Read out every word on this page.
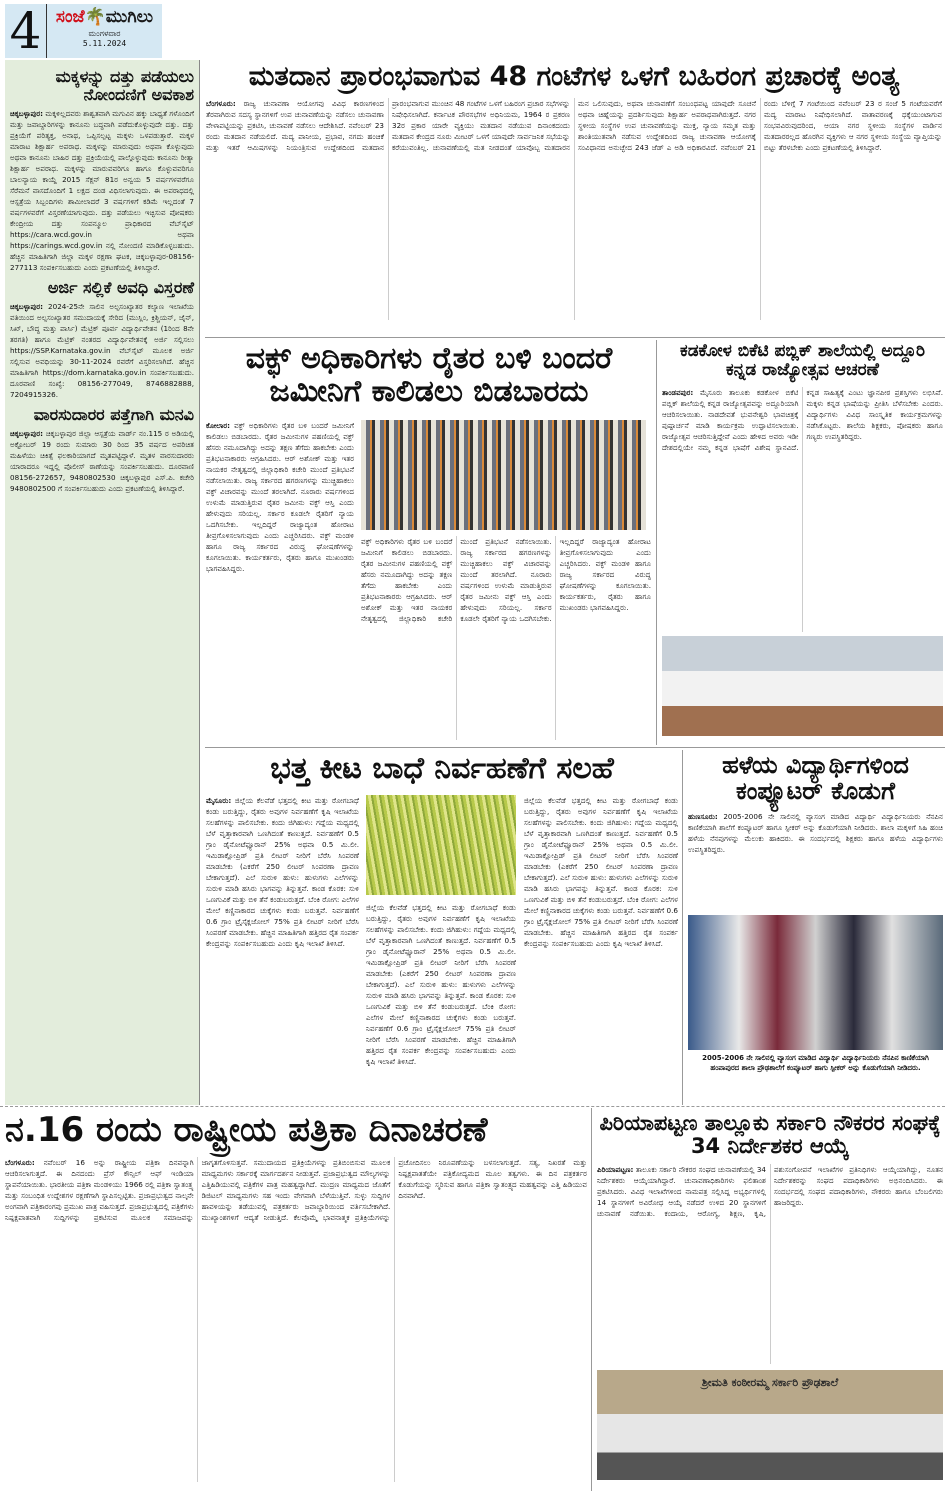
4 ಸಂಜೆ🌴ಮುಗಿಲು
ಮಂಗಳವಾರ
5.11.2024
ಮಕ್ಕಳನ್ನು ದತ್ತು ಪಡೆಯಲು ನೋಂದಣಿಗೆ ಅವಕಾಶ

ಚಿಕ್ಕಬಳ್ಳಾಪುರ: ಮಕ್ಕಳಿಲ್ಲದವರು ಶಾಶ್ವತವಾಗಿ ಮಗುವಿನ ಹಕ್ಕು ಬಾಧ್ಯತೆ ಗಳೊಂದಿಗೆ ಮತ್ತು ಜವಾಬ್ದಾರಿಗಳನ್ನು ಕಾನೂನು ಬದ್ಧವಾಗಿ ಪಡೆದುಕೊಳ್ಳುವುದೇ ದತ್ತು. ದತ್ತು ಪ್ರಕ್ರಿಯೆಗೆ ಪರಿತ್ಯಕ್ತ, ಅನಾಥ, ಒಪ್ಪಿಸಲ್ಪಟ್ಟ ಮಕ್ಕಳು ಒಳಪಡುತ್ತಾರೆ. ಮಕ್ಕಳ ಮಾರಾಟ ಶಿಕ್ಷಾರ್ಹ ಅಪರಾಧ. ಮಕ್ಕಳನ್ನು ಮಾರುವುದು ಅಥವಾ ಕೊಳ್ಳುವುದು ಅಥವಾ ಕಾನೂನು ಬಾಹಿರ ದತ್ತು ಪ್ರಕ್ರಿಯೆಯಲ್ಲಿ ಪಾಲ್ಗೊಳ್ಳುವುದು ಕಾನೂನು ರೀತ್ಯಾ ಶಿಕ್ಷಾರ್ಹ ಅಪರಾಧ. ಮಕ್ಕಳನ್ನು ಮಾರುವವರಿಗೂ ಹಾಗೂ ಕೊಳ್ಳುವವರಿಗೂ ಬಾಲನ್ಯಾಯ ಕಾಯ್ದೆ 2015 ಸೆಕ್ಷನ್ 81ರ ಅನ್ವಯ 5 ವರ್ಷಗಳವರೆಗೂ ಸೆರೆಮನೆ ವಾಸದೊಂದಿಗೆ 1 ಲಕ್ಷದ ದಂಡ ವಿಧಿಸಲಾಗುವುದು. ಈ ಅಪರಾಧದಲ್ಲಿ ಆಸ್ಪತ್ರೆಯ ಸಿಬ್ಬಂದಿಗಳು ಶಾಮೀಲಾದರೆ 3 ವರ್ಷಗಳಿಗೆ ಕಡಿಮೆ ಇಲ್ಲದಂತೆ 7 ವರ್ಷಗಳವರೆಗೆ ವಿಸ್ತರಣೆಯಾಗುವುದು. ದತ್ತು ಪಡೆಯಲು ಇಚ್ಛಿಸುವ ಪೋಷಕರು ಕೇಂದ್ರೀಯ ದತ್ತು ಸಂಪನ್ಮೂಲ ಪ್ರಾಧಿಕಾರದ ವೆಬ್‌ಸೈಟ್ https://cara.wcd.gov.in ಅಥವಾ https://carings.wcd.gov.in ನಲ್ಲಿ ನೋಂದಣಿ ಮಾಡಿಕೊಳ್ಳಬಹುದು. ಹೆಚ್ಚಿನ ಮಾಹಿತಿಗಾಗಿ ಜಿಲ್ಲಾ ಮಕ್ಕಳ ರಕ್ಷಣಾ ಘಟಕ, ಚಿಕ್ಕಬಳ್ಳಾಪುರ-08156-277113 ಸಂಪರ್ಕಿಸಬಹುದು ಎಂದು ಪ್ರಕಟಣೆಯಲ್ಲಿ ತಿಳಿಸಿದ್ದಾರೆ.

ಅರ್ಜಿ ಸಲ್ಲಿಕೆ ಅವಧಿ ವಿಸ್ತರಣೆ

ಚಿಕ್ಕಬಳ್ಳಾಪುರ: 2024-25ನೇ ಸಾಲಿನ ಅಲ್ಪಸಂಖ್ಯಾತರ ಕಲ್ಯಾಣ ಇಲಾಖೆಯ ವತಿಯಿಂದ ಅಲ್ಪಸಂಖ್ಯಾತರ ಸಮುದಾಯಕ್ಕೆ ಸೇರಿದ (ಮುಸ್ಲಿಂ, ಕ್ರಿಶ್ಚಿಯನ್, ಜೈನ್, ಸಿಖ್, ಬೌದ್ಧ ಮತ್ತು ಪಾರ್ಸಿ) ಮೆಟ್ರಿಕ್ ಪೂರ್ವ ವಿದ್ಯಾರ್ಥಿವೇತನ (1ರಿಂದ 8ನೇ ತರಗತಿ) ಹಾಗೂ ಮೆಟ್ರಿಕ್ ನಂತರದ ವಿದ್ಯಾರ್ಥಿವೇತನಕ್ಕೆ ಅರ್ಜಿ ಸಲ್ಲಿಸಲು https://SSP.Karnataka.gov.in ವೆಬ್‌ಸೈಟ್ ಮೂಲಕ ಅರ್ಜಿ ಸಲ್ಲಿಸುವ ಅವಧಿಯನ್ನು 30-11-2024 ರವರೆಗೆ ವಿಸ್ತರಿಸಲಾಗಿದೆ. ಹೆಚ್ಚಿನ ಮಾಹಿತಿಗಾಗಿ https://dom.karnataka.gov.in ಸಂಪರ್ಕಿಸಬಹುದು. ದೂರವಾಣಿ ಸಂಖ್ಯೆ: 08156-277049, 8746882888, 7204915326.

ವಾರಸುದಾರರ ಪತ್ತೆಗಾಗಿ ಮನವಿ

ಚಿಕ್ಕಬಳ್ಳಾಪುರ: ಚಿಕ್ಕಬಳ್ಳಾಪುರ ಜಿಲ್ಲಾ ಆಸ್ಪತ್ರೆಯ ವಾರ್ಡ್ ನಂ.115 ರ ಅಡಿಯಲ್ಲಿ ಅಕ್ಟೋಬರ್ 19 ರಂದು ಸುಮಾರು 30 ರಿಂದ 35 ವರ್ಷದ ಅಪರಿಚಿತ ಮಹಿಳೆಯು ಚಿಕಿತ್ಸೆ ಫಲಕಾರಿಯಾಗದೆ ಮೃತಪಟ್ಟಿದ್ದಾಳೆ. ಮೃತಳ ವಾರಸುದಾರರು ಯಾರಾದರೂ ಇದ್ದಲ್ಲಿ ಪೊಲೀಸ್ ಠಾಣೆಯನ್ನು ಸಂಪರ್ಕಿಸಬಹುದು. ದೂರವಾಣಿ 08156-272657, 9480802530 ಚಿಕ್ಕಬಳ್ಳಾಪುರ ಎಸ್.ಪಿ. ಕಚೇರಿ 9480802500 ಗೆ ಸಂಪರ್ಕಿಸಬಹುದು ಎಂದು ಪ್ರಕಟಣೆಯಲ್ಲಿ ತಿಳಿಸಿದ್ದಾರೆ.

ಮತದಾನ ಪ್ರಾರಂಭವಾಗುವ 48 ಗಂಟೆಗಳ ಒಳಗೆ ಬಹಿರಂಗ ಪ್ರಚಾರಕ್ಕೆ ಅಂತ್ಯ
ಬೆಂಗಳೂರು: ರಾಜ್ಯ ಚುನಾವಣಾ ಆಯೋಗವು ವಿವಿಧ ಕಾರಣಗಳಿಂದ ತೆರವಾಗಿರುವ ಸದಸ್ಯ ಸ್ಥಾನಗಳಿಗೆ ಉಪ ಚುನಾವಣೆಯನ್ನು ನಡೆಸಲು ಚುನಾವಣಾ ವೇಳಾಪಟ್ಟಿಯನ್ನು ಪ್ರಕಟಿಸಿ, ಚುನಾವಣೆ ನಡೆಸಲು ಆದೇಶಿಸಿದೆ. ನವೆಂಬರ್ 23 ರಂದು ಮತದಾನ ನಡೆಯಲಿದೆ. ಮದ್ಯ ಪಾನೀಯ, ಪ್ರಭಾವ, ನಗದು ಹಂಚಿಕೆ ಮತ್ತು ಇತರೆ ಆಮಿಷಗಳನ್ನು ನಿಯಂತ್ರಿಸುವ ಉದ್ದೇಶದಿಂದ ಮತದಾನ ಪ್ರಾರಂಭವಾಗುವ ಮುಂಚಿನ 48 ಗಂಟೆಗಳ ಒಳಗೆ ಬಹಿರಂಗ ಪ್ರಚಾರ ಸಭೆಗಳನ್ನು ನಿಷೇಧಿಸಲಾಗಿದೆ. ಕರ್ನಾಟಕ ಪೌರಸಭೆಗಳ ಅಧಿನಿಯಮ, 1964 ರ ಪ್ರಕರಣ 32ರ ಪ್ರಕಾರ ಯಾರೇ ವ್ಯಕ್ತಿಯು ಮತದಾನ ನಡೆಯುವ ದಿನಾಂಕದಂದು ಮತದಾನ ಕೇಂದ್ರದ ನೂರು ಮೀಟರ್ ಒಳಗೆ ಯಾವುದೇ ಸಾರ್ವಜನಿಕ ಸಭೆಯನ್ನು ಕರೆಯುವಂತಿಲ್ಲ. ಚುನಾವಣೆಯಲ್ಲಿ ಮತ ನೀಡದಂತೆ ಯಾವೊಬ್ಬ ಮತದಾರನ ಮನ ಒಲಿಸುವುದು, ಅಥವಾ ಚುನಾವಣೆಗೆ ಸಂಬಂಧಪಟ್ಟ ಯಾವುದೇ ಸೂಚನೆ ಅಥವಾ ಚಿಹ್ನೆಯನ್ನು ಪ್ರದರ್ಶಿಸುವುದು ಶಿಕ್ಷಾರ್ಹ ಅಪರಾಧವಾಗಿರುತ್ತದೆ. ನಗರ ಸ್ಥಳೀಯ ಸಂಸ್ಥೆಗಳ ಉಪ ಚುನಾವಣೆಯನ್ನು ಮುಕ್ತ, ನ್ಯಾಯ ಸಮ್ಮತ ಮತ್ತು ಶಾಂತಿಯುತವಾಗಿ ನಡೆಸುವ ಉದ್ದೇಶದಿಂದ ರಾಜ್ಯ ಚುನಾವಣಾ ಆಯೋಗಕ್ಕೆ ಸಂವಿಧಾನದ ಅನುಚ್ಛೇದ 243 ಜೆಡ್ ಎ ಅಡಿ ಅಧಿಕಾರವಿದೆ. ನವೆಂಬರ್ 21 ರಂದು ಬೆಳಿಗ್ಗೆ 7 ಗಂಟೆಯಿಂದ ನವೆಂಬರ್ 23 ರ ಸಂಜೆ 5 ಗಂಟೆಯವರೆಗೆ ಮದ್ಯ ಮಾರಾಟ ನಿಷೇಧಿಸಲಾಗಿದೆ. ವಾತಾವರಣಕ್ಕೆ ಧಕ್ಕೆಯುಂಟಾಗುವ ಸಂಭವವಿರುವುದರಿಂದ, ಆಯಾ ನಗರ ಸ್ಥಳೀಯ ಸಂಸ್ಥೆಗಳ ವಾರ್ಡಿನ ಮತದಾರರಲ್ಲದ ಹೊರಗಿನ ವ್ಯಕ್ತಿಗಳು ಆ ನಗರ ಸ್ಥಳೀಯ ಸಂಸ್ಥೆಯ ವ್ಯಾಪ್ತಿಯನ್ನು ಬಿಟ್ಟು ತೆರಳಬೇಕು ಎಂದು ಪ್ರಕಟಣೆಯಲ್ಲಿ ತಿಳಿಸಿದ್ದಾರೆ.
ವಕ್ಫ್ ಅಧಿಕಾರಿಗಳು ರೈತರ ಬಳಿ ಬಂದರೆ ಜಮೀನಿಗೆ ಕಾಲಿಡಲು ಬಿಡಬಾರದು
ಕೋಲಾರ: ವಕ್ಫ್ ಅಧಿಕಾರಿಗಳು ರೈತರ ಬಳಿ ಬಂದರೆ ಜಮೀನಿಗೆ ಕಾಲಿಡಲು ಬಿಡಬಾರದು. ರೈತರ ಜಮೀನುಗಳ ಪಹಣಿಯಲ್ಲಿ ವಕ್ಫ್ ಹೆಸರು ನಮೂದಾಗಿದ್ದು ಅದನ್ನು ತಕ್ಷಣ ತೆಗೆದು ಹಾಕಬೇಕು ಎಂದು ಪ್ರತಿಭಟನಾಕಾರರು ಆಗ್ರಹಿಸಿದರು. ಆರ್ ಅಶೋಕ್ ಮತ್ತು ಇತರ ನಾಯಕರ ನೇತೃತ್ವದಲ್ಲಿ ಜಿಲ್ಲಾಧಿಕಾರಿ ಕಚೇರಿ ಮುಂದೆ ಪ್ರತಿಭಟನೆ ನಡೆಸಲಾಯಿತು. ರಾಜ್ಯ ಸರ್ಕಾರದ ಹಗರಣಗಳನ್ನು ಮುಚ್ಚಿಹಾಕಲು ವಕ್ಫ್ ವಿಚಾರವನ್ನು ಮುಂದೆ ತರಲಾಗಿದೆ. ನೂರಾರು ವರ್ಷಗಳಿಂದ ಉಳುಮೆ ಮಾಡುತ್ತಿರುವ ರೈತರ ಜಮೀನು ವಕ್ಫ್ ಆಸ್ತಿ ಎಂದು ಹೇಳುವುದು ಸರಿಯಲ್ಲ. ಸರ್ಕಾರ ಕೂಡಲೇ ರೈತರಿಗೆ ನ್ಯಾಯ ಒದಗಿಸಬೇಕು. ಇಲ್ಲದಿದ್ದರೆ ರಾಜ್ಯಾದ್ಯಂತ ಹೋರಾಟ ತೀವ್ರಗೊಳಿಸಲಾಗುವುದು ಎಂದು ಎಚ್ಚರಿಸಿದರು. ವಕ್ಫ್ ಮಂಡಳಿ ಹಾಗೂ ರಾಜ್ಯ ಸರ್ಕಾರದ ವಿರುದ್ಧ ಘೋಷಣೆಗಳನ್ನು ಕೂಗಲಾಯಿತು. ಕಾರ್ಯಕರ್ತರು, ರೈತರು ಹಾಗೂ ಮುಖಂಡರು ಭಾಗವಹಿಸಿದ್ದರು.
ವಕ್ಫ್ ಅಧಿಕಾರಿಗಳು ರೈತರ ಬಳಿ ಬಂದರೆ ಜಮೀನಿಗೆ ಕಾಲಿಡಲು ಬಿಡಬಾರದು. ರೈತರ ಜಮೀನುಗಳ ಪಹಣಿಯಲ್ಲಿ ವಕ್ಫ್ ಹೆಸರು ನಮೂದಾಗಿದ್ದು ಅದನ್ನು ತಕ್ಷಣ ತೆಗೆದು ಹಾಕಬೇಕು ಎಂದು ಪ್ರತಿಭಟನಾಕಾರರು ಆಗ್ರಹಿಸಿದರು. ಆರ್ ಅಶೋಕ್ ಮತ್ತು ಇತರ ನಾಯಕರ ನೇತೃತ್ವದಲ್ಲಿ ಜಿಲ್ಲಾಧಿಕಾರಿ ಕಚೇರಿ ಮುಂದೆ ಪ್ರತಿಭಟನೆ ನಡೆಸಲಾಯಿತು. ರಾಜ್ಯ ಸರ್ಕಾರದ ಹಗರಣಗಳನ್ನು ಮುಚ್ಚಿಹಾಕಲು ವಕ್ಫ್ ವಿಚಾರವನ್ನು ಮುಂದೆ ತರಲಾಗಿದೆ. ನೂರಾರು ವರ್ಷಗಳಿಂದ ಉಳುಮೆ ಮಾಡುತ್ತಿರುವ ರೈತರ ಜಮೀನು ವಕ್ಫ್ ಆಸ್ತಿ ಎಂದು ಹೇಳುವುದು ಸರಿಯಲ್ಲ. ಸರ್ಕಾರ ಕೂಡಲೇ ರೈತರಿಗೆ ನ್ಯಾಯ ಒದಗಿಸಬೇಕು. ಇಲ್ಲದಿದ್ದರೆ ರಾಜ್ಯಾದ್ಯಂತ ಹೋರಾಟ ತೀವ್ರಗೊಳಿಸಲಾಗುವುದು ಎಂದು ಎಚ್ಚರಿಸಿದರು. ವಕ್ಫ್ ಮಂಡಳಿ ಹಾಗೂ ರಾಜ್ಯ ಸರ್ಕಾರದ ವಿರುದ್ಧ ಘೋಷಣೆಗಳನ್ನು ಕೂಗಲಾಯಿತು. ಕಾರ್ಯಕರ್ತರು, ರೈತರು ಹಾಗೂ ಮುಖಂಡರು ಭಾಗವಹಿಸಿದ್ದರು.
ಕಡಕೋಳ ಬಿಕೆಟಿ ಪಬ್ಲಿಕ್ ಶಾಲೆಯಲ್ಲಿ ಅದ್ದೂರಿ ಕನ್ನಡ ರಾಜ್ಯೋತ್ಸವ ಆಚರಣೆ
ತಾಂಡವಪುರ: ಮೈಸೂರು ತಾಲೂಕು ಕಡಕೋಳ ಬಿಕೆಟಿ ಪಬ್ಲಿಕ್ ಶಾಲೆಯಲ್ಲಿ ಕನ್ನಡ ರಾಜ್ಯೋತ್ಸವವನ್ನು ಅದ್ದೂರಿಯಾಗಿ ಆಚರಿಸಲಾಯಿತು. ನಾಡದೇವತೆ ಭುವನೇಶ್ವರಿ ಭಾವಚಿತ್ರಕ್ಕೆ ಪುಷ್ಪಾರ್ಚನೆ ಮಾಡಿ ಕಾರ್ಯಕ್ರಮ ಉದ್ಘಾಟಿಸಲಾಯಿತು. ರಾಜ್ಯೋತ್ಸವ ಆಚರಿಸುತ್ತಿದ್ದೇವೆ ಎಂದು ಹೇಳಿದ ಅವರು ಇಡೀ ದೇಶದಲ್ಲಿಯೇ ನಮ್ಮ ಕನ್ನಡ ಭಾಷೆಗೆ ವಿಶೇಷ ಸ್ಥಾನವಿದೆ. ಕನ್ನಡ ಸಾಹಿತ್ಯಕ್ಕೆ ಎಂಟು ಜ್ಞಾನಪೀಠ ಪ್ರಶಸ್ತಿಗಳು ಲಭಿಸಿವೆ. ಮಕ್ಕಳು ಕನ್ನಡ ಭಾಷೆಯನ್ನು ಪ್ರೀತಿಸಿ ಬೆಳೆಸಬೇಕು ಎಂದರು. ವಿದ್ಯಾರ್ಥಿಗಳು ವಿವಿಧ ಸಾಂಸ್ಕೃತಿಕ ಕಾರ್ಯಕ್ರಮಗಳನ್ನು ನಡೆಸಿಕೊಟ್ಟರು. ಶಾಲೆಯ ಶಿಕ್ಷಕರು, ಪೋಷಕರು ಹಾಗೂ ಗಣ್ಯರು ಉಪಸ್ಥಿತರಿದ್ದರು.
ಭತ್ತ ಕೀಟ ಬಾಧೆ ನಿರ್ವಹಣೆಗೆ ಸಲಹೆ
ಮೈಸೂರು: ಜಿಲ್ಲೆಯ ಕೆಲವೆಡೆ ಭತ್ತದಲ್ಲಿ ಕೀಟ ಮತ್ತು ರೋಗಬಾಧೆ ಕಂಡು ಬರುತ್ತಿದ್ದು, ರೈತರು ಅವುಗಳ ನಿರ್ವಹಣೆಗೆ ಕೃಷಿ ಇಲಾಖೆಯ ಸಲಹೆಗಳನ್ನು ಪಾಲಿಸಬೇಕು. ಕಂದು ಜಿಗಿಹುಳು: ಗದ್ದೆಯ ಮಧ್ಯದಲ್ಲಿ ಬೆಳೆ ವೃತ್ತಾಕಾರವಾಗಿ ಒಣಗಿದಂತೆ ಕಾಣುತ್ತದೆ. ನಿರ್ವಹಣೆಗೆ 0.5 ಗ್ರಾಂ ಡೈನೋಟೆಫ್ಯೂರಾನ್ 25% ಅಥವಾ 0.5 ಮಿ.ಲೀ. ಇಮಿಡಾಕ್ಲೋಪ್ರಿಡ್ ಪ್ರತಿ ಲೀಟರ್ ನೀರಿಗೆ ಬೆರೆಸಿ ಸಿಂಪರಣೆ ಮಾಡಬೇಕು (ಎಕರೆಗೆ 250 ಲೀಟರ್ ಸಿಂಪರಣಾ ದ್ರಾವಣ ಬೇಕಾಗುತ್ತದೆ). ಎಲೆ ಸುರುಳಿ ಹುಳು: ಹುಳುಗಳು ಎಲೆಗಳನ್ನು ಸುರುಳಿ ಮಾಡಿ ಹಸಿರು ಭಾಗವನ್ನು ತಿನ್ನುತ್ತವೆ. ಕಾಂಡ ಕೊರಕ: ಸುಳಿ ಒಣಗುವಿಕೆ ಮತ್ತು ಬಿಳಿ ತೆನೆ ಕಂಡುಬರುತ್ತದೆ. ಬೆಂಕಿ ರೋಗ: ಎಲೆಗಳ ಮೇಲೆ ಕಣ್ಣಿನಾಕಾರದ ಚುಕ್ಕೆಗಳು ಕಂಡು ಬರುತ್ತವೆ. ನಿರ್ವಹಣೆಗೆ 0.6 ಗ್ರಾಂ ಟ್ರೈಸೈಕ್ಲಜೋಲ್ 75% ಪ್ರತಿ ಲೀಟರ್ ನೀರಿಗೆ ಬೆರೆಸಿ ಸಿಂಪರಣೆ ಮಾಡಬೇಕು. ಹೆಚ್ಚಿನ ಮಾಹಿತಿಗಾಗಿ ಹತ್ತಿರದ ರೈತ ಸಂಪರ್ಕ ಕೇಂದ್ರವನ್ನು ಸಂಪರ್ಕಿಸಬಹುದು ಎಂದು ಕೃಷಿ ಇಲಾಖೆ ತಿಳಿಸಿದೆ.
ಜಿಲ್ಲೆಯ ಕೆಲವೆಡೆ ಭತ್ತದಲ್ಲಿ ಕೀಟ ಮತ್ತು ರೋಗಬಾಧೆ ಕಂಡು ಬರುತ್ತಿದ್ದು, ರೈತರು ಅವುಗಳ ನಿರ್ವಹಣೆಗೆ ಕೃಷಿ ಇಲಾಖೆಯ ಸಲಹೆಗಳನ್ನು ಪಾಲಿಸಬೇಕು. ಕಂದು ಜಿಗಿಹುಳು: ಗದ್ದೆಯ ಮಧ್ಯದಲ್ಲಿ ಬೆಳೆ ವೃತ್ತಾಕಾರವಾಗಿ ಒಣಗಿದಂತೆ ಕಾಣುತ್ತದೆ. ನಿರ್ವಹಣೆಗೆ 0.5 ಗ್ರಾಂ ಡೈನೋಟೆಫ್ಯೂರಾನ್ 25% ಅಥವಾ 0.5 ಮಿ.ಲೀ. ಇಮಿಡಾಕ್ಲೋಪ್ರಿಡ್ ಪ್ರತಿ ಲೀಟರ್ ನೀರಿಗೆ ಬೆರೆಸಿ ಸಿಂಪರಣೆ ಮಾಡಬೇಕು (ಎಕರೆಗೆ 250 ಲೀಟರ್ ಸಿಂಪರಣಾ ದ್ರಾವಣ ಬೇಕಾಗುತ್ತದೆ). ಎಲೆ ಸುರುಳಿ ಹುಳು: ಹುಳುಗಳು ಎಲೆಗಳನ್ನು ಸುರುಳಿ ಮಾಡಿ ಹಸಿರು ಭಾಗವನ್ನು ತಿನ್ನುತ್ತವೆ. ಕಾಂಡ ಕೊರಕ: ಸುಳಿ ಒಣಗುವಿಕೆ ಮತ್ತು ಬಿಳಿ ತೆನೆ ಕಂಡುಬರುತ್ತದೆ. ಬೆಂಕಿ ರೋಗ: ಎಲೆಗಳ ಮೇಲೆ ಕಣ್ಣಿನಾಕಾರದ ಚುಕ್ಕೆಗಳು ಕಂಡು ಬರುತ್ತವೆ. ನಿರ್ವಹಣೆಗೆ 0.6 ಗ್ರಾಂ ಟ್ರೈಸೈಕ್ಲಜೋಲ್ 75% ಪ್ರತಿ ಲೀಟರ್ ನೀರಿಗೆ ಬೆರೆಸಿ ಸಿಂಪರಣೆ ಮಾಡಬೇಕು. ಹೆಚ್ಚಿನ ಮಾಹಿತಿಗಾಗಿ ಹತ್ತಿರದ ರೈತ ಸಂಪರ್ಕ ಕೇಂದ್ರವನ್ನು ಸಂಪರ್ಕಿಸಬಹುದು ಎಂದು ಕೃಷಿ ಇಲಾಖೆ ತಿಳಿಸಿದೆ.
ಜಿಲ್ಲೆಯ ಕೆಲವೆಡೆ ಭತ್ತದಲ್ಲಿ ಕೀಟ ಮತ್ತು ರೋಗಬಾಧೆ ಕಂಡು ಬರುತ್ತಿದ್ದು, ರೈತರು ಅವುಗಳ ನಿರ್ವಹಣೆಗೆ ಕೃಷಿ ಇಲಾಖೆಯ ಸಲಹೆಗಳನ್ನು ಪಾಲಿಸಬೇಕು. ಕಂದು ಜಿಗಿಹುಳು: ಗದ್ದೆಯ ಮಧ್ಯದಲ್ಲಿ ಬೆಳೆ ವೃತ್ತಾಕಾರವಾಗಿ ಒಣಗಿದಂತೆ ಕಾಣುತ್ತದೆ. ನಿರ್ವಹಣೆಗೆ 0.5 ಗ್ರಾಂ ಡೈನೋಟೆಫ್ಯೂರಾನ್ 25% ಅಥವಾ 0.5 ಮಿ.ಲೀ. ಇಮಿಡಾಕ್ಲೋಪ್ರಿಡ್ ಪ್ರತಿ ಲೀಟರ್ ನೀರಿಗೆ ಬೆರೆಸಿ ಸಿಂಪರಣೆ ಮಾಡಬೇಕು (ಎಕರೆಗೆ 250 ಲೀಟರ್ ಸಿಂಪರಣಾ ದ್ರಾವಣ ಬೇಕಾಗುತ್ತದೆ). ಎಲೆ ಸುರುಳಿ ಹುಳು: ಹುಳುಗಳು ಎಲೆಗಳನ್ನು ಸುರುಳಿ ಮಾಡಿ ಹಸಿರು ಭಾಗವನ್ನು ತಿನ್ನುತ್ತವೆ. ಕಾಂಡ ಕೊರಕ: ಸುಳಿ ಒಣಗುವಿಕೆ ಮತ್ತು ಬಿಳಿ ತೆನೆ ಕಂಡುಬರುತ್ತದೆ. ಬೆಂಕಿ ರೋಗ: ಎಲೆಗಳ ಮೇಲೆ ಕಣ್ಣಿನಾಕಾರದ ಚುಕ್ಕೆಗಳು ಕಂಡು ಬರುತ್ತವೆ. ನಿರ್ವಹಣೆಗೆ 0.6 ಗ್ರಾಂ ಟ್ರೈಸೈಕ್ಲಜೋಲ್ 75% ಪ್ರತಿ ಲೀಟರ್ ನೀರಿಗೆ ಬೆರೆಸಿ ಸಿಂಪರಣೆ ಮಾಡಬೇಕು. ಹೆಚ್ಚಿನ ಮಾಹಿತಿಗಾಗಿ ಹತ್ತಿರದ ರೈತ ಸಂಪರ್ಕ ಕೇಂದ್ರವನ್ನು ಸಂಪರ್ಕಿಸಬಹುದು ಎಂದು ಕೃಷಿ ಇಲಾಖೆ ತಿಳಿಸಿದೆ.
ಹಳೆಯ ವಿದ್ಯಾರ್ಥಿಗಳಿಂದ ಕಂಪ್ಯೂಟರ್ ಕೊಡುಗೆ
ಹುಣಸೂರು: 2005-2006 ನೇ ಸಾಲಿನಲ್ಲಿ ವ್ಯಾಸಂಗ ಮಾಡಿದ ವಿದ್ಯಾರ್ಥಿ ವಿದ್ಯಾರ್ಥಿನಿಯರು ನೆನಪಿನ ಕಾಣಿಕೆಯಾಗಿ ಶಾಲೆಗೆ ಕಂಪ್ಯೂಟರ್ ಹಾಗೂ ಸ್ಪೀಕರ್ ಅನ್ನು ಕೊಡುಗೆಯಾಗಿ ನೀಡಿದರು. ಶಾಲಾ ಮಕ್ಕಳಿಗೆ ಸಿಹಿ ಹಂಚಿ ಹಳೆಯ ನೆನಪುಗಳನ್ನು ಮೆಲುಕು ಹಾಕಿದರು. ಈ ಸಂದರ್ಭದಲ್ಲಿ ಶಿಕ್ಷಕರು ಹಾಗೂ ಹಳೆಯ ವಿದ್ಯಾರ್ಥಿಗಳು ಉಪಸ್ಥಿತರಿದ್ದರು.
2005-2006 ನೇ ಸಾಲಿನಲ್ಲಿ ವ್ಯಾಸಂಗ ಮಾಡಿದ ವಿದ್ಯಾರ್ಥಿ ವಿದ್ಯಾರ್ಥಿನಿಯರು ನೆನಪಿನ ಕಾಣಿಕೆಯಾಗಿ ಹಂಪಾಪುರದ ಶಾಲಾ ಪ್ರೌಢಶಾಲೆಗೆ ಕಂಪ್ಯೂಟರ್ ಹಾಗು ಸ್ಪೀಕರ್ ಅನ್ನು ಕೊಡುಗೆಯಾಗಿ ನೀಡಿದರು.
ನ.16 ರಂದು ರಾಷ್ಟ್ರೀಯ ಪತ್ರಿಕಾ ದಿನಾಚರಣೆ
ಬೆಂಗಳೂರು: ನವೆಂಬರ್ 16 ಅನ್ನು ರಾಷ್ಟ್ರೀಯ ಪತ್ರಿಕಾ ದಿನವನ್ನಾಗಿ ಆಚರಿಸಲಾಗುತ್ತದೆ. ಈ ದಿನದಂದು ಪ್ರೆಸ್ ಕೌನ್ಸಿಲ್ ಆಫ್ ಇಂಡಿಯಾ ಸ್ಥಾಪನೆಯಾಯಿತು. ಭಾರತೀಯ ಪತ್ರಿಕಾ ಮಂಡಳಿಯು 1966 ರಲ್ಲಿ ಪತ್ರಿಕಾ ಸ್ವಾತಂತ್ರ್ಯ ಮತ್ತು ಸಂಬಂಧಿತ ಉದ್ದೇಶಗಳ ರಕ್ಷಣೆಗಾಗಿ ಸ್ಥಾಪಿಸಲ್ಪಟ್ಟಿತು. ಪ್ರಜಾಪ್ರಭುತ್ವದ ನಾಲ್ಕನೇ ಅಂಗವಾಗಿ ಪತ್ರಿಕಾರಂಗವು ಪ್ರಮುಖ ಪಾತ್ರ ವಹಿಸುತ್ತದೆ. ಪ್ರಜಾಪ್ರಭುತ್ವದಲ್ಲಿ ಪತ್ರಿಕೆಗಳು ನಿಷ್ಪಕ್ಷಪಾತವಾಗಿ ಸುದ್ದಿಗಳನ್ನು ಪ್ರಕಟಿಸುವ ಮೂಲಕ ಸಮಾಜವನ್ನು ಜಾಗೃತಗೊಳಿಸುತ್ತವೆ. ಸಮುದಾಯದ ಪ್ರತಿಕ್ರಿಯೆಗಳನ್ನು ಪ್ರತಿಬಿಂಬಿಸುವ ಮೂಲಕ ಮಾಧ್ಯಮಗಳು ಸರ್ಕಾರಕ್ಕೆ ಮಾರ್ಗದರ್ಶನ ನೀಡುತ್ತವೆ. ಪ್ರಜಾಪ್ರಭುತ್ವದ ಮೌಲ್ಯಗಳನ್ನು ಎತ್ತಿಹಿಡಿಯುವಲ್ಲಿ ಪತ್ರಿಕೆಗಳ ಪಾತ್ರ ಮಹತ್ವದ್ದಾಗಿದೆ. ಮುದ್ರಣ ಮಾಧ್ಯಮದ ಜೊತೆಗೆ ಡಿಜಿಟಲ್ ಮಾಧ್ಯಮಗಳು ಸಹ ಇಂದು ವೇಗವಾಗಿ ಬೆಳೆಯುತ್ತಿವೆ. ಸುಳ್ಳು ಸುದ್ದಿಗಳ ಹಾವಳಿಯನ್ನು ತಡೆಯುವಲ್ಲಿ ಪತ್ರಕರ್ತರು ಜವಾಬ್ದಾರಿಯಿಂದ ವರ್ತಿಸಬೇಕಾಗಿದೆ. ಮುಖ್ಯಾಂಶಗಳಿಗೆ ಆದ್ಯತೆ ನೀಡುತ್ತಿದೆ. ಕೆಲವೊಮ್ಮೆ ಭಾವನಾತ್ಮಕ ಪ್ರತಿಕ್ರಿಯೆಗಳನ್ನು ಪ್ರಚೋದಿಸಲು ನಿರೂಪಣೆಯನ್ನು ಬಳಸಲಾಗುತ್ತದೆ. ಸತ್ಯ, ನಿಖರತೆ ಮತ್ತು ನಿಷ್ಪಕ್ಷಪಾತತೆಯೇ ಪತ್ರಿಕೋದ್ಯಮದ ಮೂಲ ತತ್ವಗಳು. ಈ ದಿನ ಪತ್ರಕರ್ತರ ಕೊಡುಗೆಯನ್ನು ಸ್ಮರಿಸುವ ಹಾಗೂ ಪತ್ರಿಕಾ ಸ್ವಾತಂತ್ರ್ಯದ ಮಹತ್ವವನ್ನು ಎತ್ತಿ ಹಿಡಿಯುವ ದಿನವಾಗಿದೆ.
ಪಿರಿಯಾಪಟ್ಟಣ ತಾಲ್ಲೂಕು ಸರ್ಕಾರಿ ನೌಕರರ ಸಂಘಕ್ಕೆ 34 ನಿರ್ದೇಶಕರ ಆಯ್ಕೆ
ಪಿರಿಯಾಪಟ್ಟಣ: ತಾಲೂಕು ಸರ್ಕಾರಿ ನೌಕರರ ಸಂಘದ ಚುನಾವಣೆಯಲ್ಲಿ 34 ನಿರ್ದೇಶಕರು ಆಯ್ಕೆಯಾಗಿದ್ದಾರೆ. ಚುನಾವಣಾಧಿಕಾರಿಗಳು ಫಲಿತಾಂಶ ಪ್ರಕಟಿಸಿದರು. ವಿವಿಧ ಇಲಾಖೆಗಳಿಂದ ನಾಮಪತ್ರ ಸಲ್ಲಿಸಿದ್ದ ಅಭ್ಯರ್ಥಿಗಳಲ್ಲಿ 14 ಸ್ಥಾನಗಳಿಗೆ ಅವಿರೋಧ ಆಯ್ಕೆ ನಡೆದರೆ ಉಳಿದ 20 ಸ್ಥಾನಗಳಿಗೆ ಚುನಾವಣೆ ನಡೆಯಿತು. ಕಂದಾಯ, ಆರೋಗ್ಯ, ಶಿಕ್ಷಣ, ಕೃಷಿ, ಪಶುಸಂಗೋಪನೆ ಇಲಾಖೆಗಳ ಪ್ರತಿನಿಧಿಗಳು ಆಯ್ಕೆಯಾಗಿದ್ದು, ನೂತನ ನಿರ್ದೇಶಕರನ್ನು ಸಂಘದ ಪದಾಧಿಕಾರಿಗಳು ಅಭಿನಂದಿಸಿದರು. ಈ ಸಂದರ್ಭದಲ್ಲಿ ಸಂಘದ ಪದಾಧಿಕಾರಿಗಳು, ನೌಕರರು ಹಾಗೂ ಬೆಂಬಲಿಗರು ಹಾಜರಿದ್ದರು.
ಶ್ರೀಮತಿ ಕಂಠೀರಮ್ಮ ಸರ್ಕಾರಿ ಪ್ರೌಢಶಾಲೆ
